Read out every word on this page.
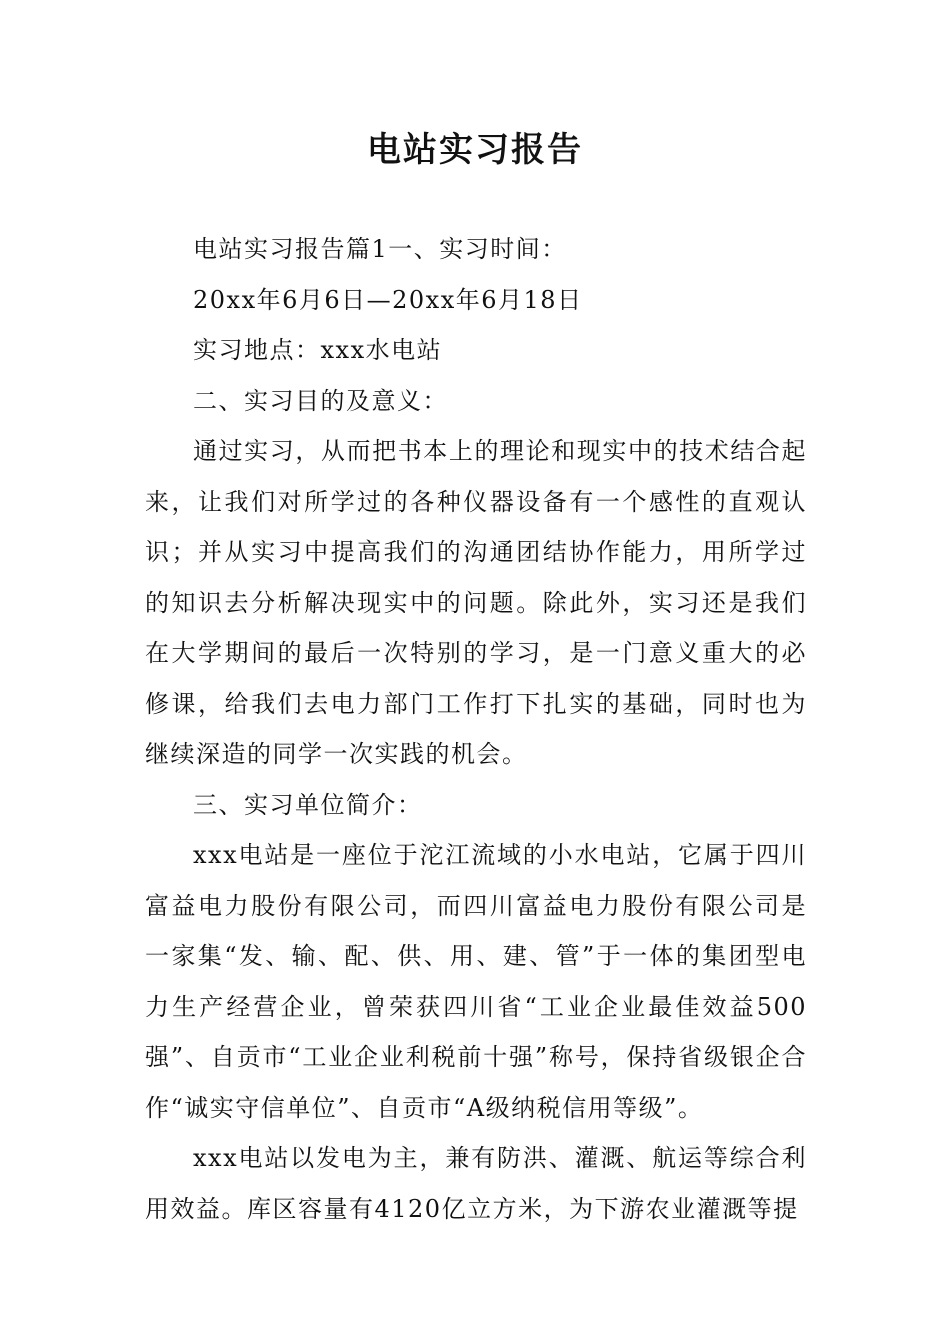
电站实习报告

电站实习报告篇1一、实习时间：

20xx年6月6日—20xx年6月18日

实习地点：xxx水电站

二、实习目的及意义：

通过实习，从而把书本上的理论和现实中的技术结合起来，让我们对所学过的各种仪器设备有一个感性的直观认识；并从实习中提高我们的沟通团结协作能力，用所学过的知识去分析解决现实中的问题。除此外，实习还是我们在大学期间的最后一次特别的学习，是一门意义重大的必修课，给我们去电力部门工作打下扎实的基础，同时也为继续深造的同学一次实践的机会。

三、实习单位简介：

xxx电站是一座位于沱江流域的小水电站，它属于四川富益电力股份有限公司，而四川富益电力股份有限公司是一家集“发、输、配、供、用、建、管”于一体的集团型电力生产经营企业，曾荣获四川省“工业企业最佳效益500强”、自贡市“工业企业利税前十强”称号，保持省级银企合作“诚实守信单位”、自贡市“A级纳税信用等级”。

xxx电站以发电为主，兼有防洪、灌溉、航运等综合利用效益。库区容量有4120亿立方米，为下游农业灌溉等提
